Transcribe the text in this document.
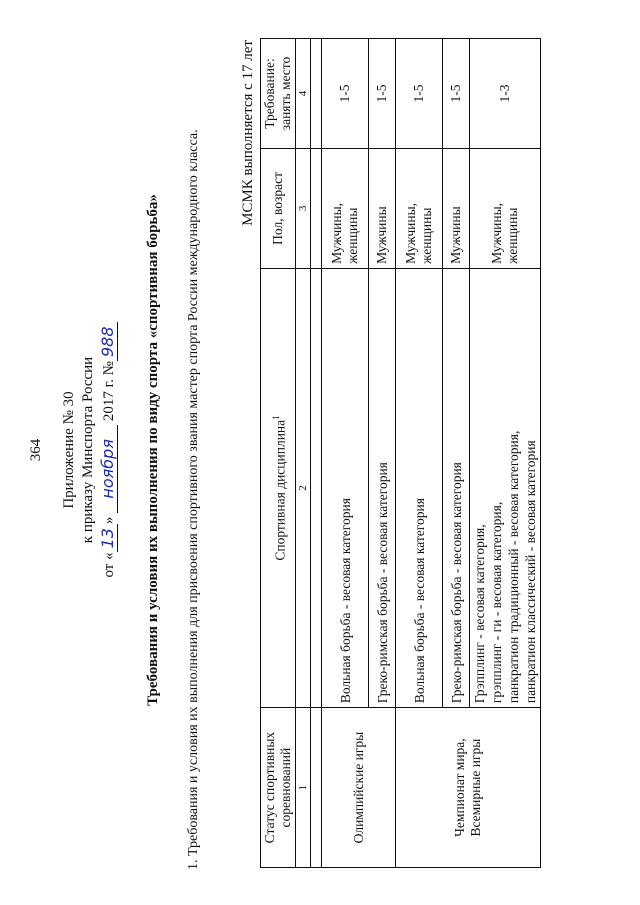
364 Приложение № 30 к приказу Минспорта России
от «13» ноября 2017 г. №988 Требования и условия их выполнения по виду спорта «спортивная борьба» 1. Требования и условия их выполнения для присвоения спортивного звания мастер спорта России международного класса.	МСМК выполняется с 17 лет
Статус спортивных соревнований	Спортивная дисциплина$^1$	Пол, возраст	Требование: занять место
1	2	3	4

Олимпийские игры	Вольная борьба - весовая категория	Мужчины, женщины	1-5
	Греко-римская борьба - весовая категория	Мужчины	1-5
Чемпионат мира, Всемирные игры	Вольная борьба - весовая категория	Мужчины, женщины	1-5
	Греко-римская борьба - весовая категория	Мужчины	1-5

	Грэпплинг - весовая категория, грэпплинг - ги - весовая категория, панкратион традиционный - весовая категория, панкратион классический - весовая категория	Мужчины, женщины	1-3
